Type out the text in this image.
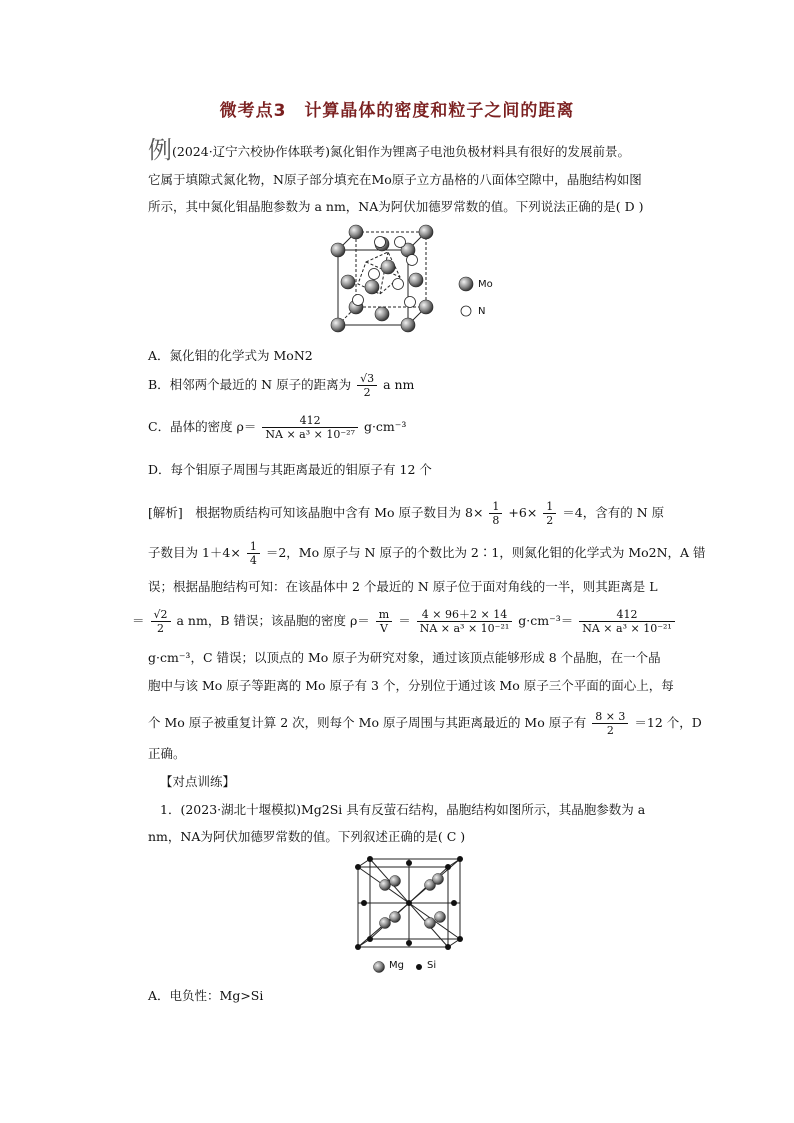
微考点3　计算晶体的密度和粒子之间的距离
例 (2024·辽宁六校协作体联考)氮化钼作为锂离子电池负极材料具有很好的发展前景。
它属于填隙式氮化物，N原子部分填充在Mo原子立方晶格的八面体空隙中，晶胞结构如图
所示，其中氮化钼晶胞参数为 a nm，NA为阿伏加德罗常数的值。下列说法正确的是( D )
Mo
N
A．氮化钼的化学式为 MoN2
B．相邻两个最近的 N 原子的距离为 $\frac{√3}{2}$ a nm
C．晶体的密度 $\rho= \frac{412}{\text{NA × a³ × 10⁻²⁷}} g\cdot cm^{-3}$
D．每个钼原子周围与其距离最近的钼原子有 12 个
[解析]　根据物质结构可知该晶胞中含有 Mo 原子数目为 $8\times \frac{1}{8} +6\times \frac{1}{2} =4$，含有的 N 原
子数目为 $1+4\times \frac{1}{4} =2$，Mo 原子与 N 原子的个数比为 2∶1，则氮化钼的化学式为 Mo2N，A 错
误；根据晶胞结构可知：在该晶体中 2 个最近的 N 原子位于面对角线的一半，则其距离是 L
＝ $\frac{√2}{2}$ a nm，B 错误；该晶胞的密度 $\rho= \frac{m}{V} = \frac{4 \times 96+2 \times 14}{\text{NA × a³ × 10⁻²¹}} g\cdot cm^{-3}= \frac{412}{\text{NA × a³ × 10⁻²¹}}$
g·cm⁻³，C 错误；以顶点的 Mo 原子为研究对象，通过该顶点能够形成 8 个晶胞，在一个晶
胞中与该 Mo 原子等距离的 Mo 原子有 3 个，分别位于通过该 Mo 原子三个平面的面心上，每
个 Mo 原子被重复计算 2 次，则每个 Mo 原子周围与其距离最近的 Mo 原子有 $\frac{8 \times 3}{2} =12$ 个，D
正确。
【对点训练】
1．(2023·湖北十堰模拟)Mg2Si 具有反萤石结构，晶胞结构如图所示，其晶胞参数为 a
nm，NA为阿伏加德罗常数的值。下列叙述正确的是( C )
Mg Si
A．电负性：Mg>Si
